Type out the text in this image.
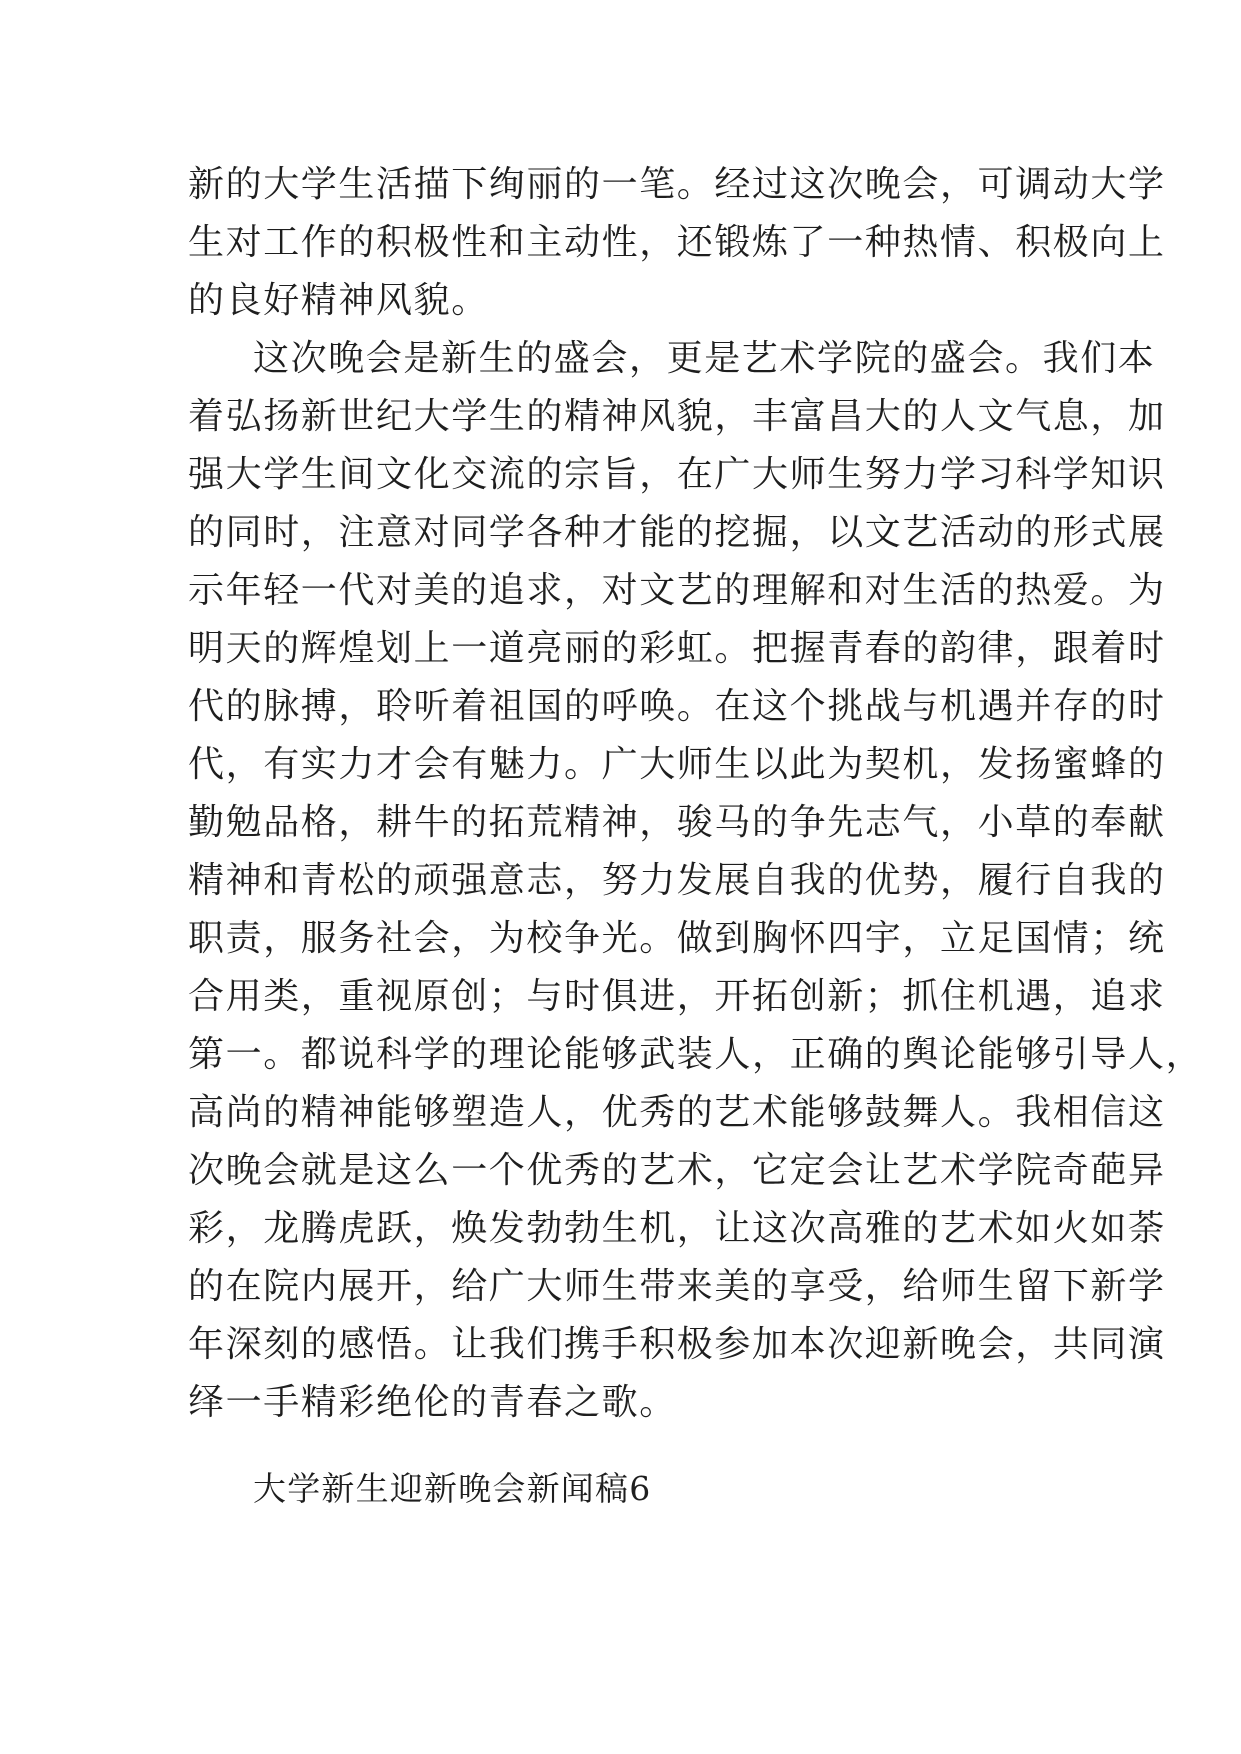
新的大学生活描下绚丽的一笔。经过这次晚会，可调动大学
生对工作的积极性和主动性，还锻炼了一种热情、积极向上
的良好精神风貌。
这次晚会是新生的盛会，更是艺术学院的盛会。我们本
着弘扬新世纪大学生的精神风貌，丰富昌大的人文气息，加
强大学生间文化交流的宗旨，在广大师生努力学习科学知识
的同时，注意对同学各种才能的挖掘，以文艺活动的形式展
示年轻一代对美的追求，对文艺的理解和对生活的热爱。为
明天的辉煌划上一道亮丽的彩虹。把握青春的韵律，跟着时
代的脉搏，聆听着祖国的呼唤。在这个挑战与机遇并存的时
代，有实力才会有魅力。广大师生以此为契机，发扬蜜蜂的
勤勉品格，耕牛的拓荒精神，骏马的争先志气，小草的奉献
精神和青松的顽强意志，努力发展自我的优势，履行自我的
职责，服务社会，为校争光。做到胸怀四宇，立足国情；统
合用类，重视原创；与时俱进，开拓创新；抓住机遇，追求
第一。都说科学的理论能够武装人，正确的舆论能够引导人，
高尚的精神能够塑造人，优秀的艺术能够鼓舞人。我相信这
次晚会就是这么一个优秀的艺术，它定会让艺术学院奇葩异
彩，龙腾虎跃，焕发勃勃生机，让这次高雅的艺术如火如荼
的在院内展开，给广大师生带来美的享受，给师生留下新学
年深刻的感悟。让我们携手积极参加本次迎新晚会，共同演
绎一手精彩绝伦的青春之歌。
大学新生迎新晚会新闻稿6
